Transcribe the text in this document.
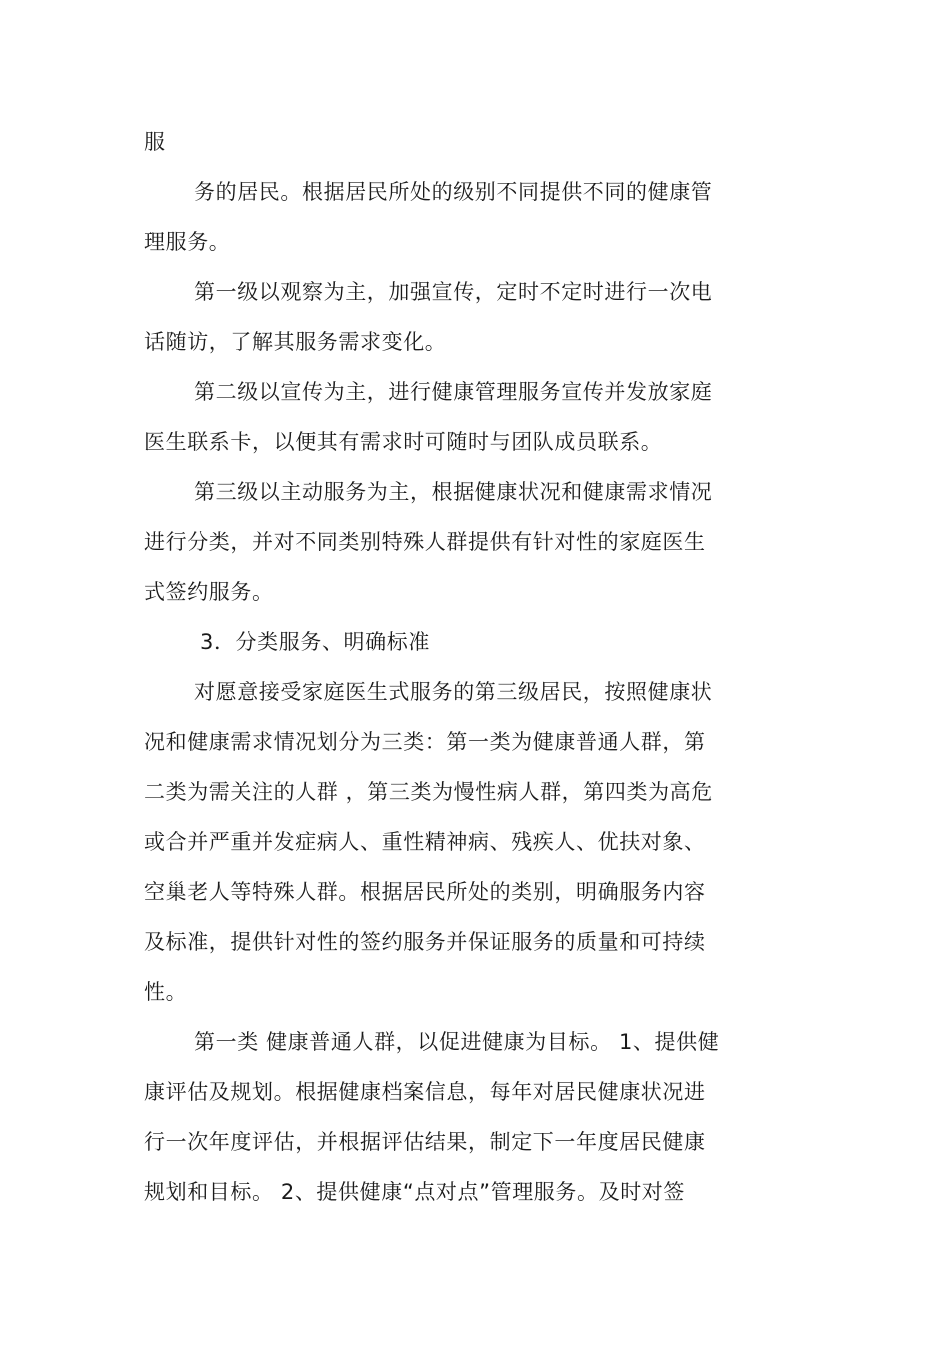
服

务的居民。根据居民所处的级别不同提供不同的健康管

理服务。

第一级以观察为主，加强宣传，定时不定时进行一次电

话随访，了解其服务需求变化。

第二级以宣传为主，进行健康管理服务宣传并发放家庭

医生联系卡，以便其有需求时可随时与团队成员联系。

第三级以主动服务为主，根据健康状况和健康需求情况

进行分类，并对不同类别特殊人群提供有针对性的家庭医生

式签约服务。

3．分类服务、明确标准

对愿意接受家庭医生式服务的第三级居民，按照健康状

况和健康需求情况划分为三类：第一类为健康普通人群，第

二类为需关注的人群 ，第三类为慢性病人群，第四类为高危

或合并严重并发症病人、重性精神病、残疾人、优扶对象、

空巢老人等特殊人群。根据居民所处的类别，明确服务内容

及标准，提供针对性的签约服务并保证服务的质量和可持续

性。

第一类 健康普通人群，以促进健康为目标。 1、提供健

康评估及规划。根据健康档案信息，每年对居民健康状况进

行一次年度评估，并根据评估结果，制定下一年度居民健康

规划和目标。 2、提供健康“点对点”管理服务。及时对签
